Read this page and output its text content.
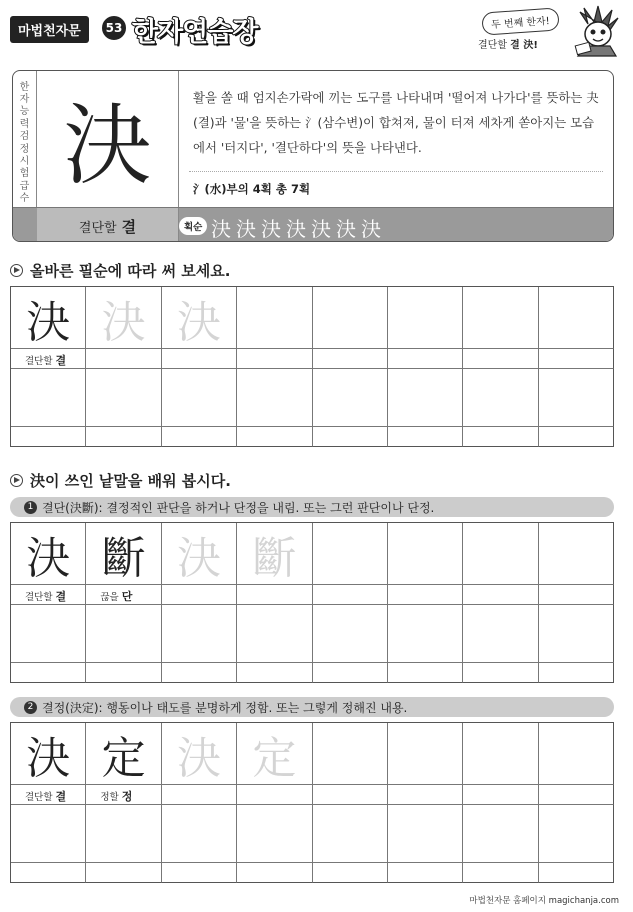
마법천자문	53 한자연습장	두 번째 한자!
결단할 결 決!
한
자
능
력
검
정
시
험
급
수
決	활을 쏠 때 엄지손가락에 끼는 도구를 나타내며 '떨어져 나가다'를 뜻하는 夬(결)과 '물'을 뜻하는 氵(삼수변)이 합쳐져, 물이 터져 세차게 쏟아지는 모습에서 '터지다', '결단하다'의 뜻을 나타낸다.
氵(水)부의 4획 총 7획
결단할 결	획순 決 決 決 決 決 決 決
올바른 필순에 따라 써 보세요.
決 決 決
결단할 결
決이 쓰인 낱말을 배워 봅시다.
1 결단(決斷): 결정적인 판단을 하거나 단정을 내림. 또는 그런 판단이나 단정.
決 斷 決 斷
결단할 결	끊을 단
2 결정(決定): 행동이나 태도를 분명하게 정함. 또는 그렇게 정해진 내용.
決 定 決 定
결단할 결	정할 정
마법천자문 홈페이지 magichanja.com
